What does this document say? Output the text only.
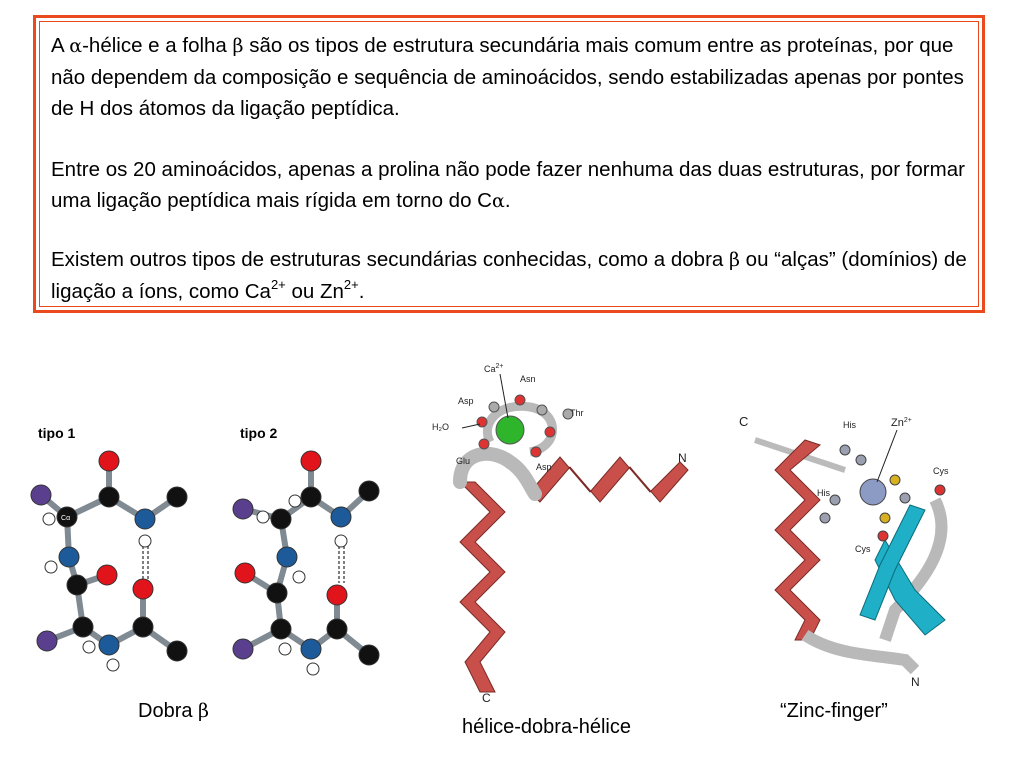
A α-hélice e a folha β são os tipos de estrutura secundária mais comum entre as proteínas, por que não dependem da composição e sequência de aminoácidos, sendo estabilizadas apenas por pontes de H dos átomos da ligação peptídica.

Entre os 20 aminoácidos, apenas a prolina não pode fazer nenhuma das duas estruturas, por formar uma ligação peptídica mais rígida em torno do Cα.

Existem outros tipos de estruturas secundárias conhecidas, como a dobra β ou “alças” (domínios) de ligação a íons, como $Ca^{2+}$ ou $Zn^{2+}$.

tipo 1	tipo 2
Cα
Dobra β
$Ca^{2+}$
Asn
Asp
Thr
H₂O
Glu
Asp
N
C
hélice-dobra-hélice
C	His	$Zn^{2+}$
Cys
His
Cys
N
“Zinc-finger”
